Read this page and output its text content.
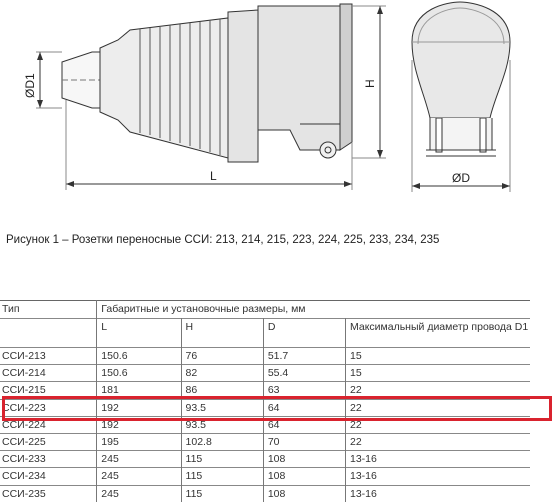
ØD1
L
H
ØD
Рисунок 1 – Розетки переносные ССИ: 213, 214, 215, 223, 224, 225, 233, 234, 235
Тип	Габаритные и установочные размеры, мм			
	L	H	D	Максимальный диаметр провода D1
ССИ-213	150.6	76	51.7	15
ССИ-214	150.6	82	55.4	15
ССИ-215	181	86	63	22
ССИ-223	192	93.5	64	22
ССИ-224	192	93.5	64	22
ССИ-225	195	102.8	70	22
ССИ-233	245	115	108	13-16
ССИ-234	245	115	108	13-16
ССИ-235	245	115	108	13-16
